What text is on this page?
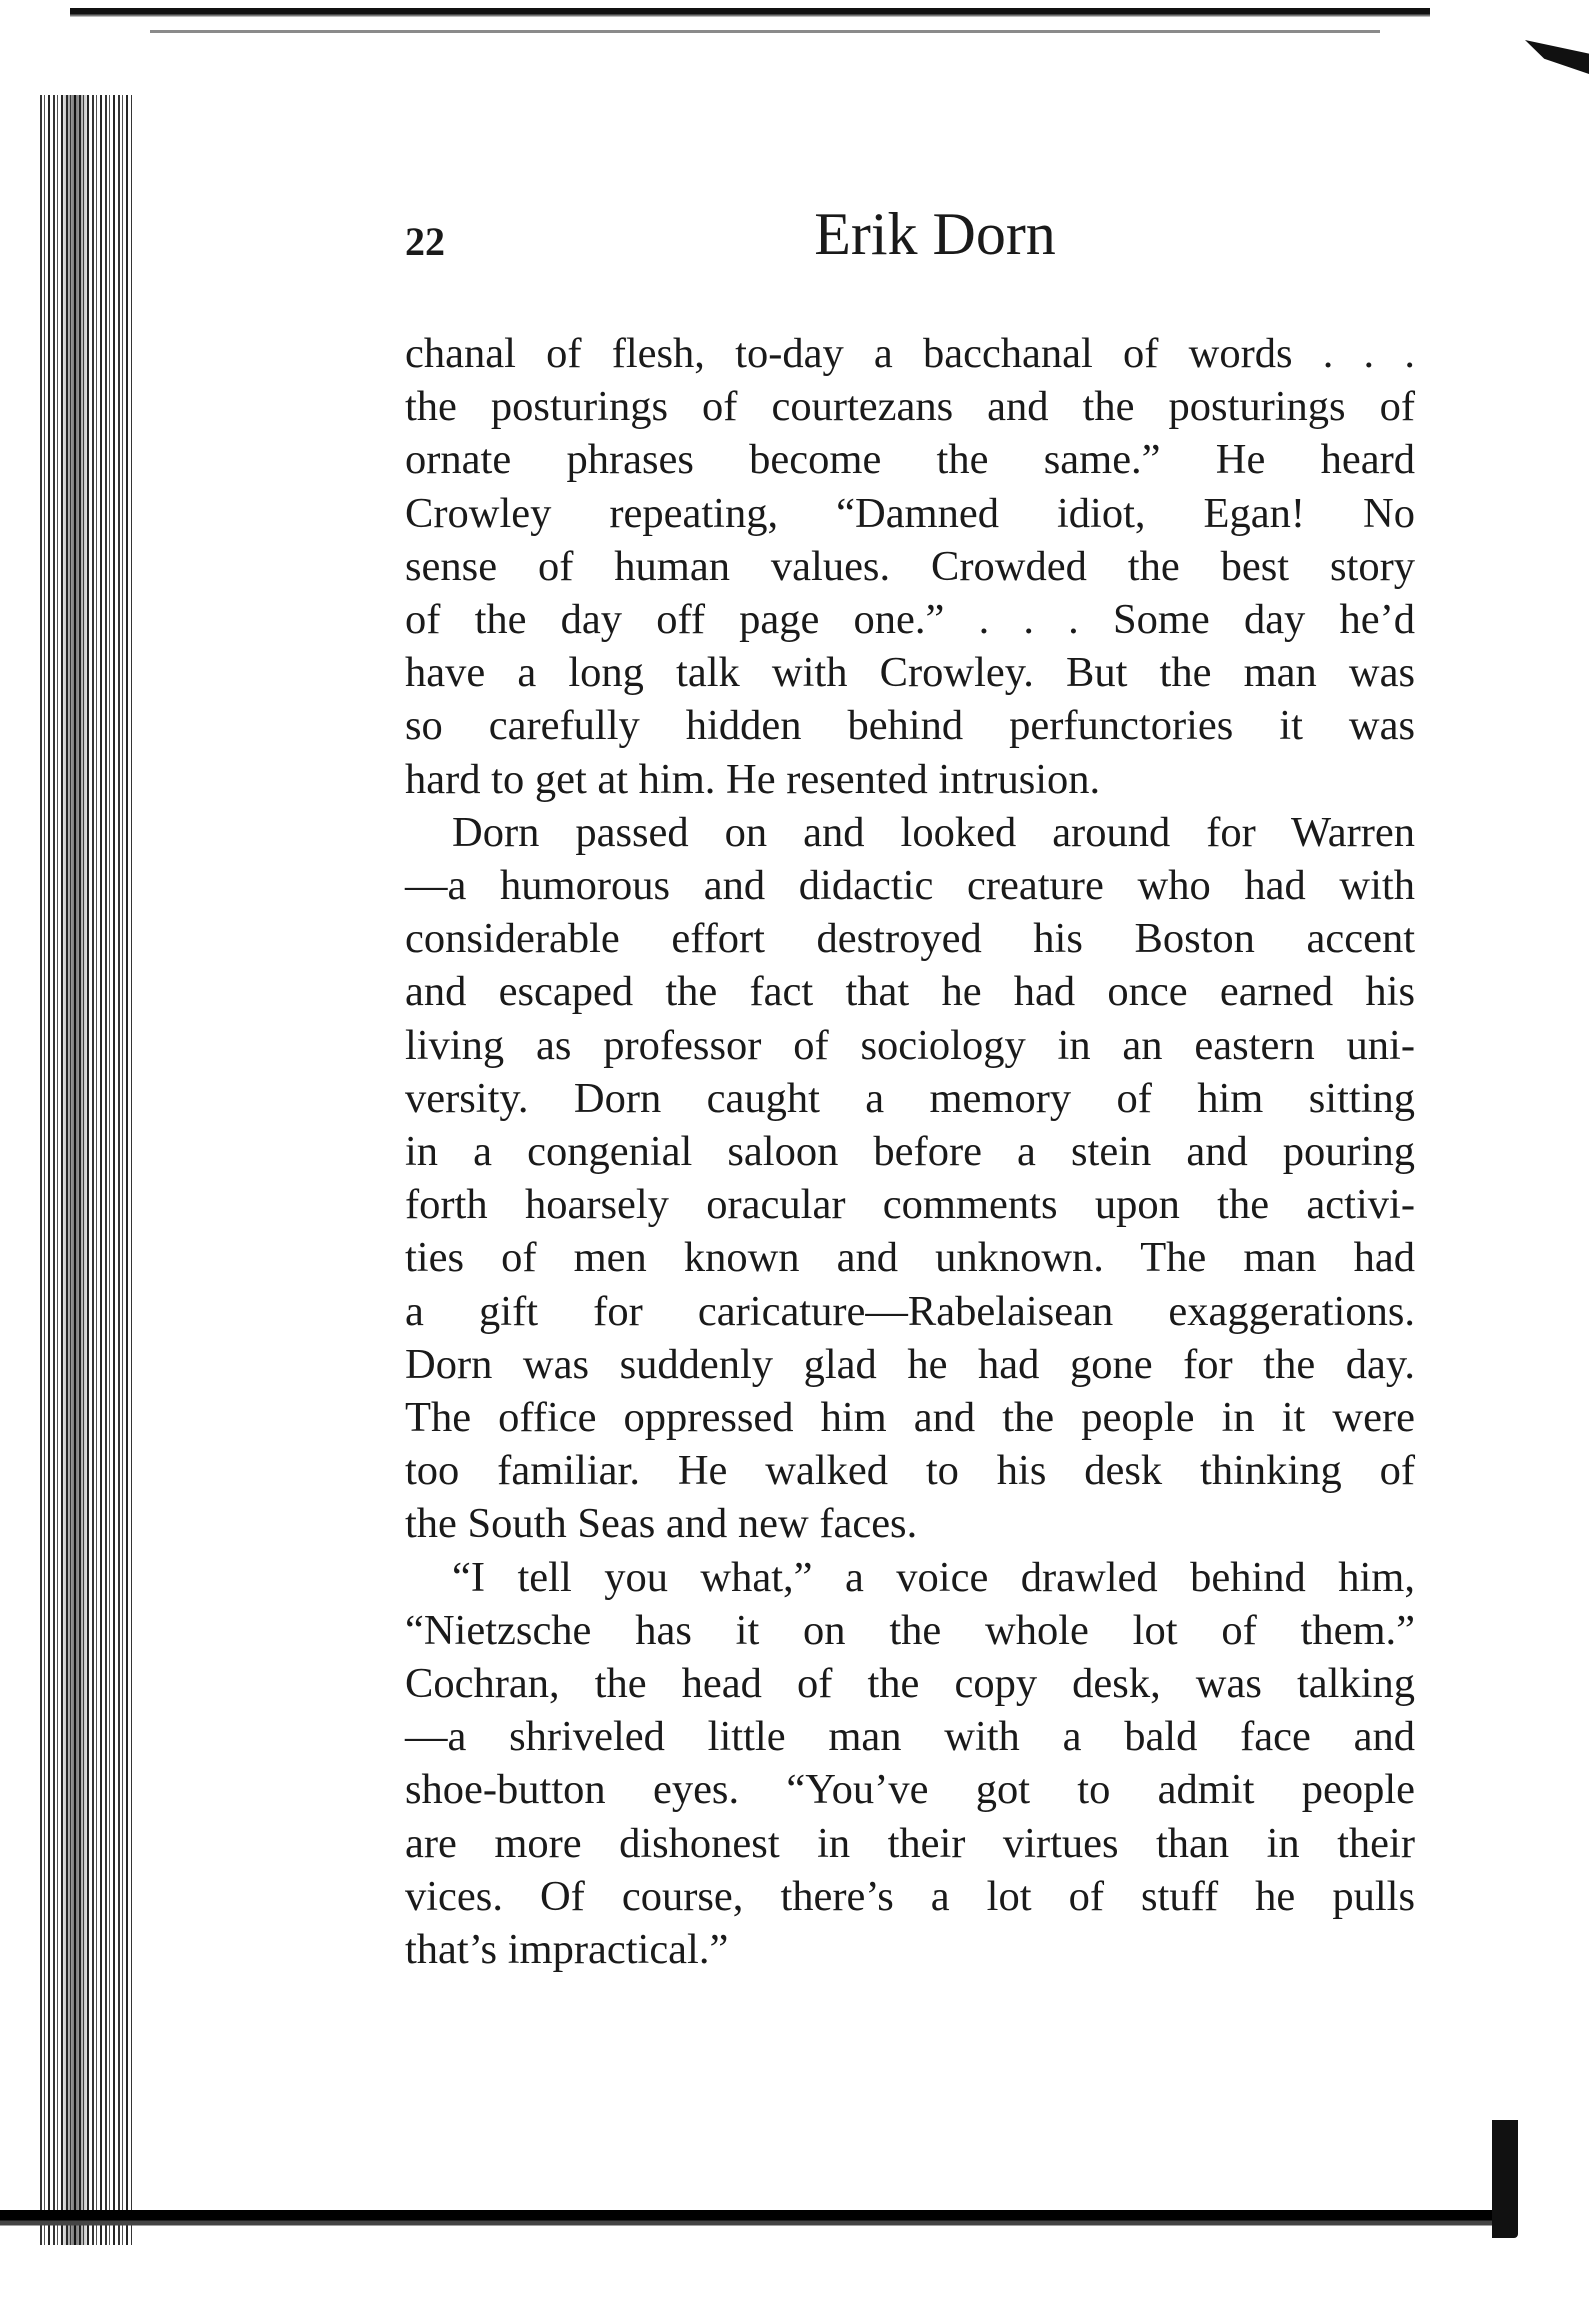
22	Erik Dorn
chanal of flesh, to-day a bacchanal of words . . .
the posturings of courtezans and the posturings of
ornate phrases become the same.” He heard
Crowley repeating, “Damned idiot, Egan! No
sense of human values. Crowded the best story
of the day off page one.” . . . Some day he’d
have a long talk with Crowley. But the man was
so carefully hidden behind perfunctories it was
hard to get at him. He resented intrusion.
Dorn passed on and looked around for Warren
—a humorous and didactic creature who had with
considerable effort destroyed his Boston accent
and escaped the fact that he had once earned his
living as professor of sociology in an eastern uni-
versity. Dorn caught a memory of him sitting
in a congenial saloon before a stein and pouring
forth hoarsely oracular comments upon the activi-
ties of men known and unknown. The man had
a gift for caricature—Rabelaisean exaggerations.
Dorn was suddenly glad he had gone for the day.
The office oppressed him and the people in it were
too familiar. He walked to his desk thinking of
the South Seas and new faces.
“I tell you what,” a voice drawled behind him,
“Nietzsche has it on the whole lot of them.”
Cochran, the head of the copy desk, was talking
—a shriveled little man with a bald face and
shoe-button eyes. “You’ve got to admit people
are more dishonest in their virtues than in their
vices. Of course, there’s a lot of stuff he pulls
that’s impractical.”
